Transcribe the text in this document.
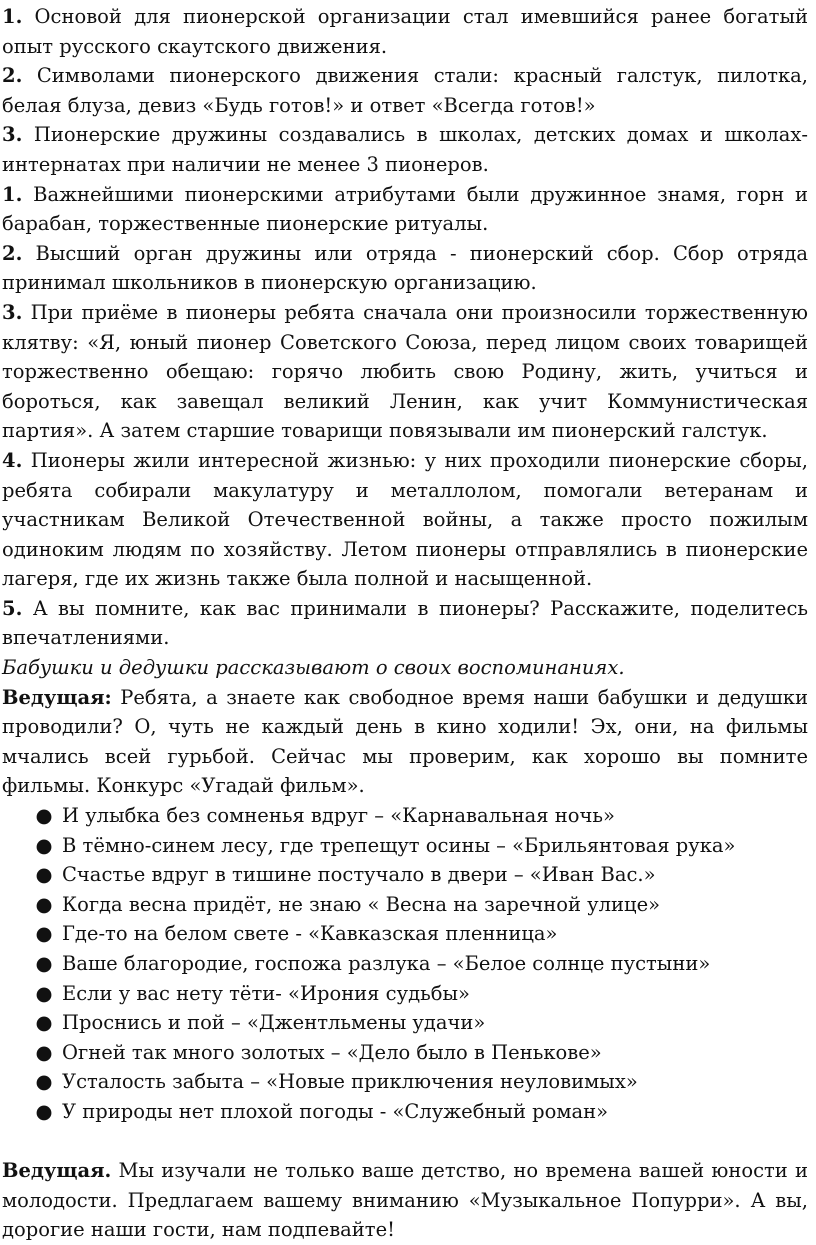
1. Основой для пионерской организации стал имевшийся ранее богатый опыт русского скаутского движения.

2. Символами пионерского движения стали: красный галстук, пилотка, белая блуза, девиз «Будь готов!» и ответ «Всегда готов!»

3. Пионерские дружины создавались в школах, детских домах и школах-интернатах при наличии не менее 3 пионеров.

1. Важнейшими пионерскими атрибутами были дружинное знамя, горн и барабан, торжественные пионерские ритуалы.

2. Высший орган дружины или отряда - пионерский сбор. Сбор отряда принимал школьников в пионерскую организацию.

3. При приёме в пионеры ребята сначала они произносили торжественную клятву: «Я, юный пионер Советского Союза, перед лицом своих товарищей торжественно обещаю: горячо любить свою Родину, жить, учиться и бороться, как завещал великий Ленин, как учит Коммунистическая партия». А затем старшие товарищи повязывали им пионерский галстук.

4. Пионеры жили интересной жизнью: у них проходили пионерские сборы, ребята собирали макулатуру и металлолом, помогали ветеранам и участникам Великой Отечественной войны, а также просто пожилым одиноким людям по хозяйству. Летом пионеры отправлялись в пионерские лагеря, где их жизнь также была полной и насыщенной.

5. А вы помните, как вас принимали в пионеры? Расскажите, поделитесь впечатлениями.

Бабушки и дедушки рассказывают о своих воспоминаниях.

Ведущая: Ребята, а знаете как свободное время наши бабушки и дедушки проводили? О, чуть не каждый день в кино ходили! Эх, они, на фильмы мчались всей гурьбой. Сейчас мы проверим, как хорошо вы помните фильмы. Конкурс «Угадай фильм».

● И улыбка без сомненья вдруг – «Карнавальная ночь»
● В тёмно-синем лесу, где трепещут осины – «Брильянтовая рука»
● Счастье вдруг в тишине постучало в двери – «Иван Вас.»
● Когда весна придёт, не знаю « Весна на заречной улице»
● Где-то на белом свете - «Кавказская пленница»
● Ваше благородие, госпожа разлука – «Белое солнце пустыни»
● Если у вас нету тёти- «Ирония судьбы»
● Проснись и пой – «Джентльмены удачи»
● Огней так много золотых – «Дело было в Пенькове»
● Усталость забыта – «Новые приключения неуловимых»
● У природы нет плохой погоды - «Служебный роман»

Ведущая. Мы изучали не только ваше детство, но времена вашей юности и молодости. Предлагаем вашему вниманию «Музыкальное Попурри». А вы, дорогие наши гости, нам подпевайте!
